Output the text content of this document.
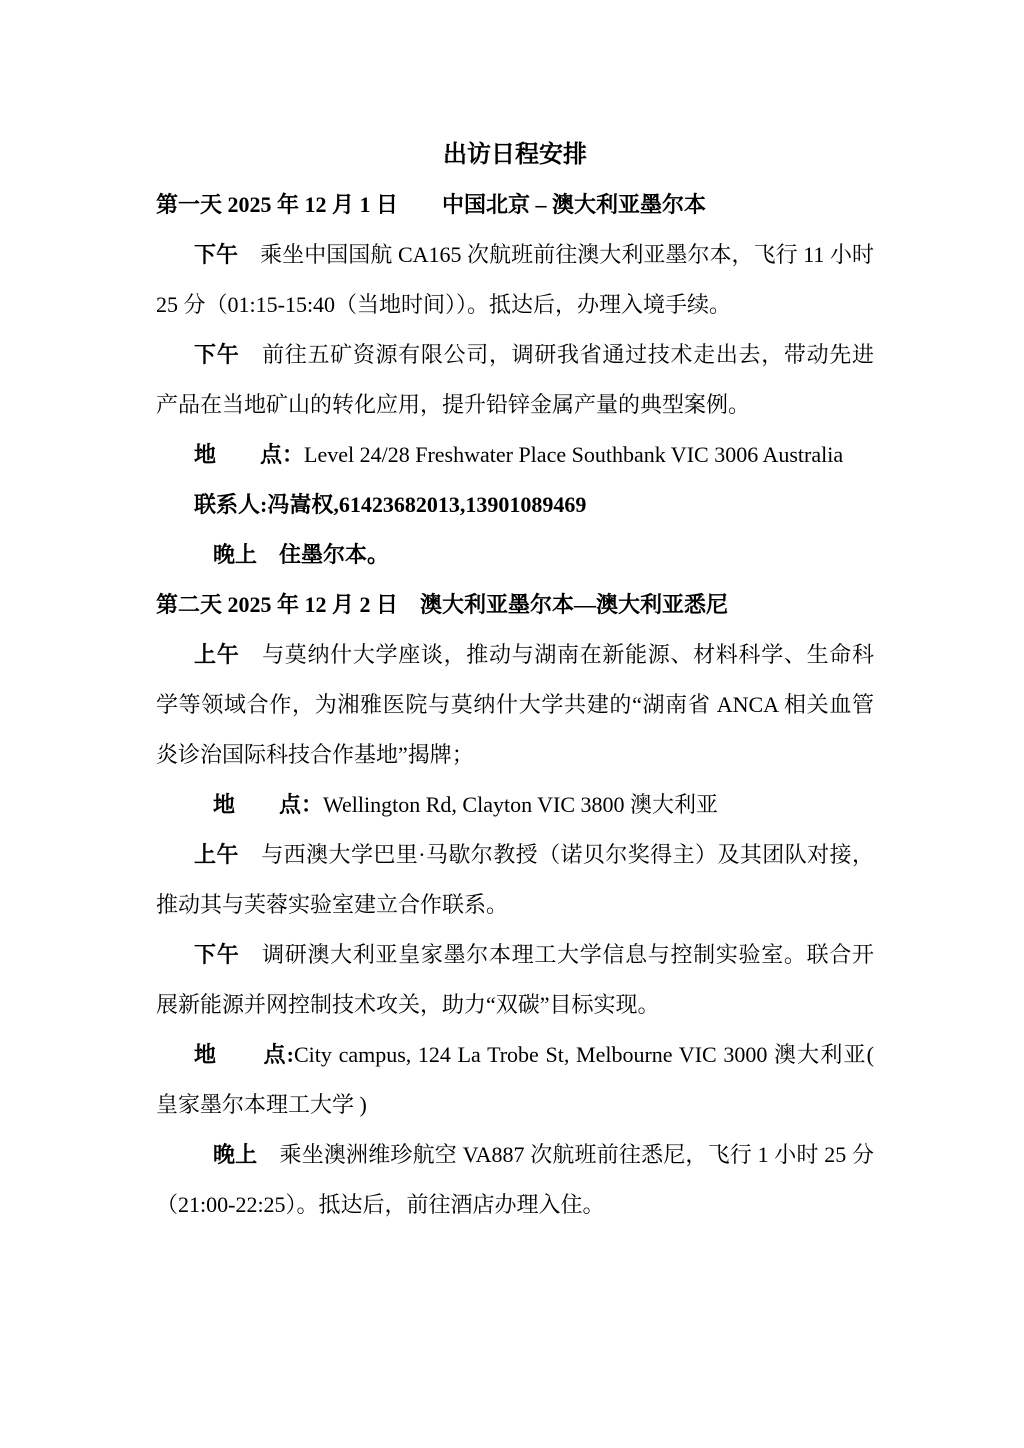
出访日程安排

第一天 2025 年 12 月 1 日　　中国北京 – 澳大利亚墨尔本

下午　乘坐中国国航 CA165 次航班前往澳大利亚墨尔本，飞行 11 小时 25 分（01:15-15:40（当地时间））。抵达后，办理入境手续。

下午　前往五矿资源有限公司，调研我省通过技术走出去，带动先进产品在当地矿山的转化应用，提升铅锌金属产量的典型案例。

地　　点：Level 24/28 Freshwater Place Southbank VIC 3006 Australia

联系人:冯嵩权,61423682013,13901089469

晚上　住墨尔本。

第二天 2025 年 12 月 2 日　澳大利亚墨尔本—澳大利亚悉尼

上午　与莫纳什大学座谈，推动与湖南在新能源、材料科学、生命科学等领域合作，为湘雅医院与莫纳什大学共建的“湖南省 ANCA 相关血管炎诊治国际科技合作基地”揭牌；

地　　点：Wellington Rd, Clayton VIC 3800 澳大利亚

上午　与西澳大学巴里·马歇尔教授（诺贝尔奖得主）及其团队对接，推动其与芙蓉实验室建立合作联系。

下午　调研澳大利亚皇家墨尔本理工大学信息与控制实验室。联合开展新能源并网控制技术攻关，助力“双碳”目标实现。

地　　点:City campus, 124 La Trobe St, Melbourne VIC 3000 澳大利亚( 皇家墨尔本理工大学 )

晚上　乘坐澳洲维珍航空 VA887 次航班前往悉尼，飞行 1 小时 25 分（21:00-22:25）。抵达后，前往酒店办理入住。
